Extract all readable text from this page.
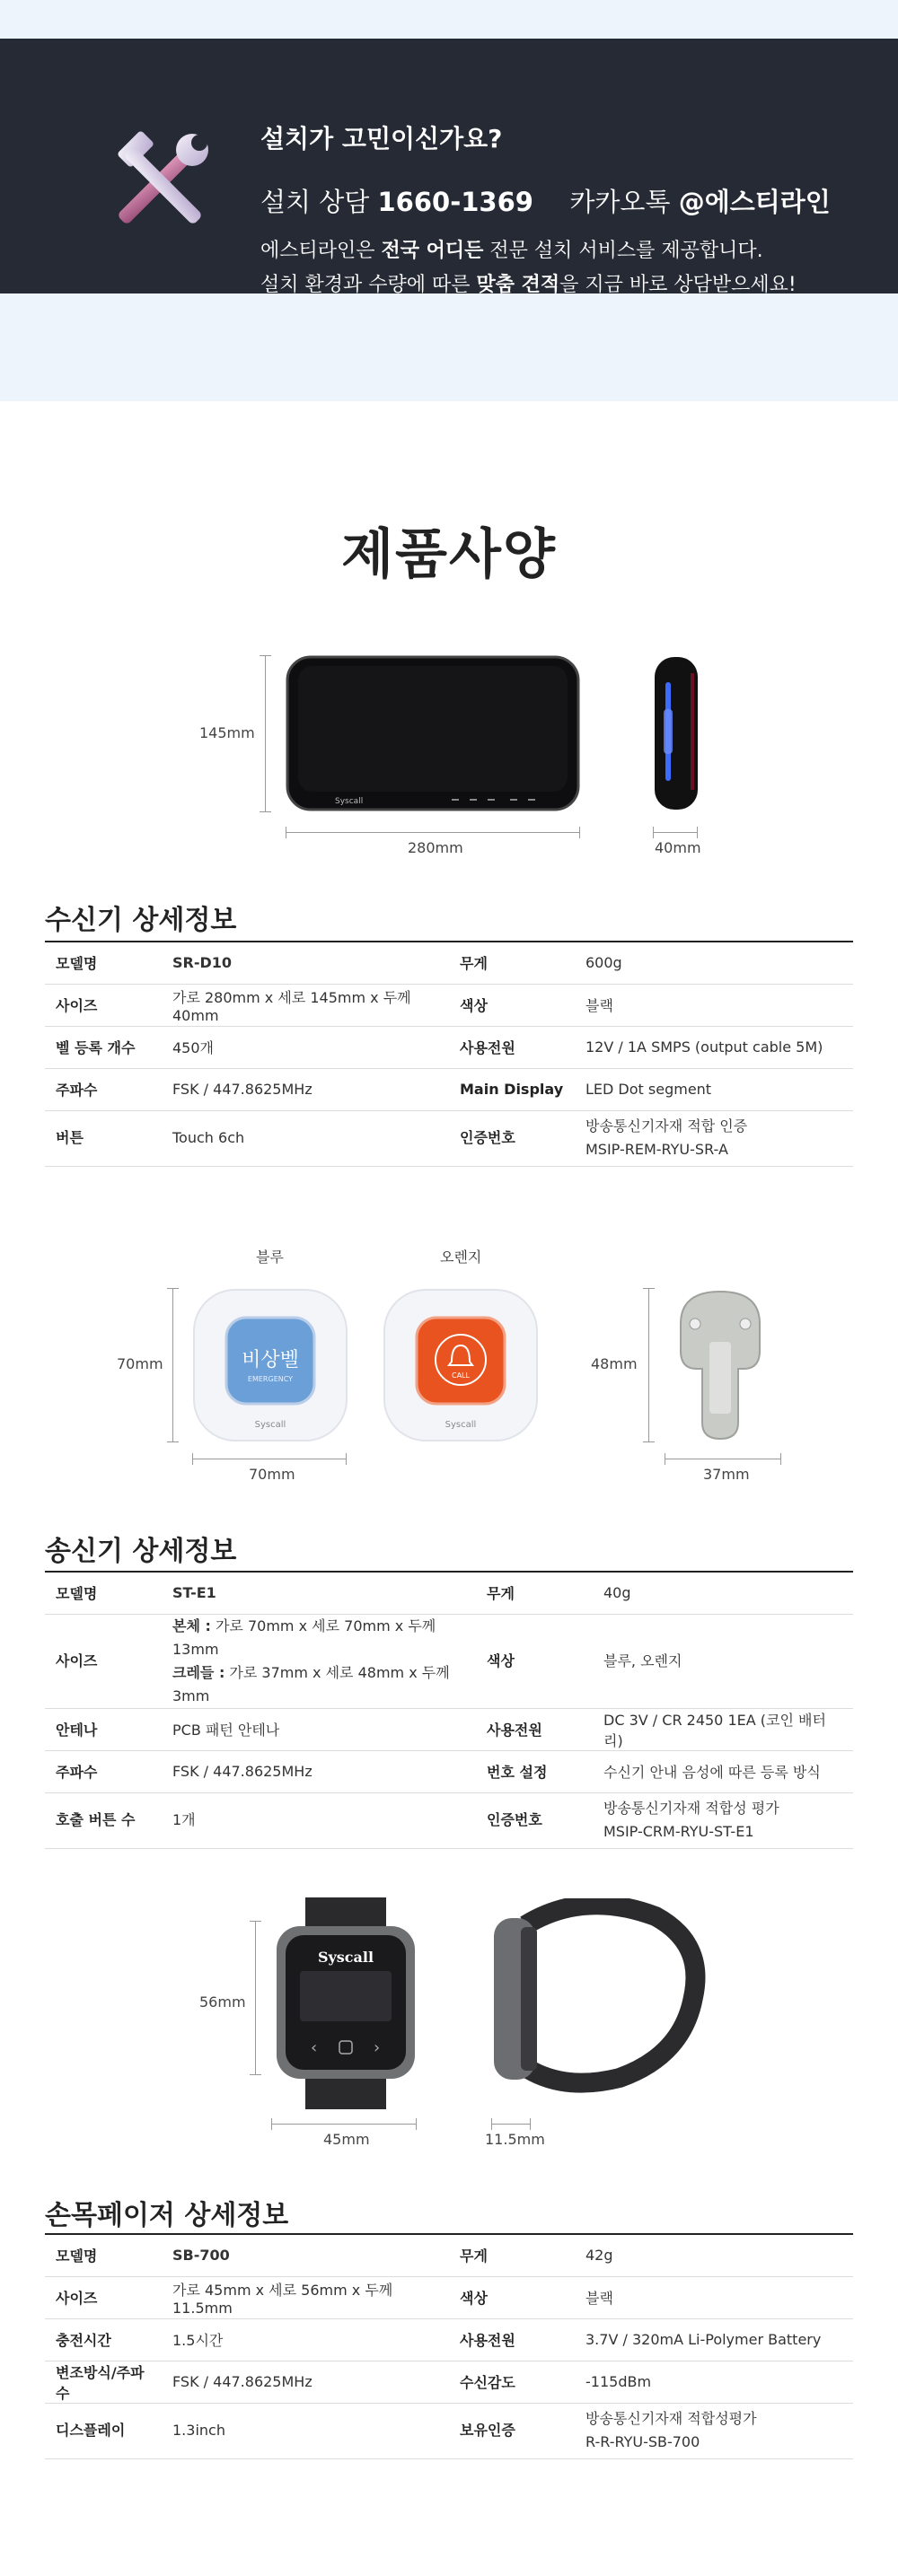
설치가 고민이신가요?
설치 상담 1660-1369 카카오톡 @에스티라인
에스티라인은 전국 어디든 전문 설치 서비스를 제공합니다.
설치 환경과 수량에 따른 맞춤 견적을 지금 바로 상담받으세요!
제품사양
145mm
Syscall
280mm	40mm
수신기 상세정보
모델명	SR-D10	무게	600g
사이즈	가로 280mm x 세로 145mm x 두께 40mm	색상	블랙
벨 등록 개수	450개	사용전원	12V / 1A SMPS (output cable 5M)
주파수	FSK / 447.8625MHz	Main Display	LED Dot segment
버튼	Touch 6ch	인증번호	방송통신기자재 적합 인증
MSIP-REM-RYU-SR-A
블루	오렌지
70mm	비상벨
EMERGENCY
Syscall
CALL
Syscall
70mm
48mm
37mm
송신기 상세정보
모델명	ST-E1	무게	40g
사이즈	본체 : 가로 70mm x 세로 70mm x 두께 13mm
크레들 : 가로 37mm x 세로 48mm x 두께 3mm	색상	블루, 오렌지
안테나	PCB 패턴 안테나	사용전원	DC 3V / CR 2450 1EA (코인 배터리)
주파수	FSK / 447.8625MHz	번호 설정	수신기 안내 음성에 따른 등록 방식
호출 버튼 수	1개	인증번호	방송통신기자재 적합성 평가
MSIP-CRM-RYU-ST-E1
56mm
Syscall
‹	›
45mm	11.5mm
손목페이저 상세정보
모델명	SB-700	무게	42g
사이즈	가로 45mm x 세로 56mm x 두께 11.5mm	색상	블랙
충전시간	1.5시간	사용전원	3.7V / 320mA Li-Polymer Battery
변조방식/주파수	FSK / 447.8625MHz	수신감도	-115dBm
디스플레이	1.3inch	보유인증	방송통신기자재 적합성평가
R-R-RYU-SB-700
